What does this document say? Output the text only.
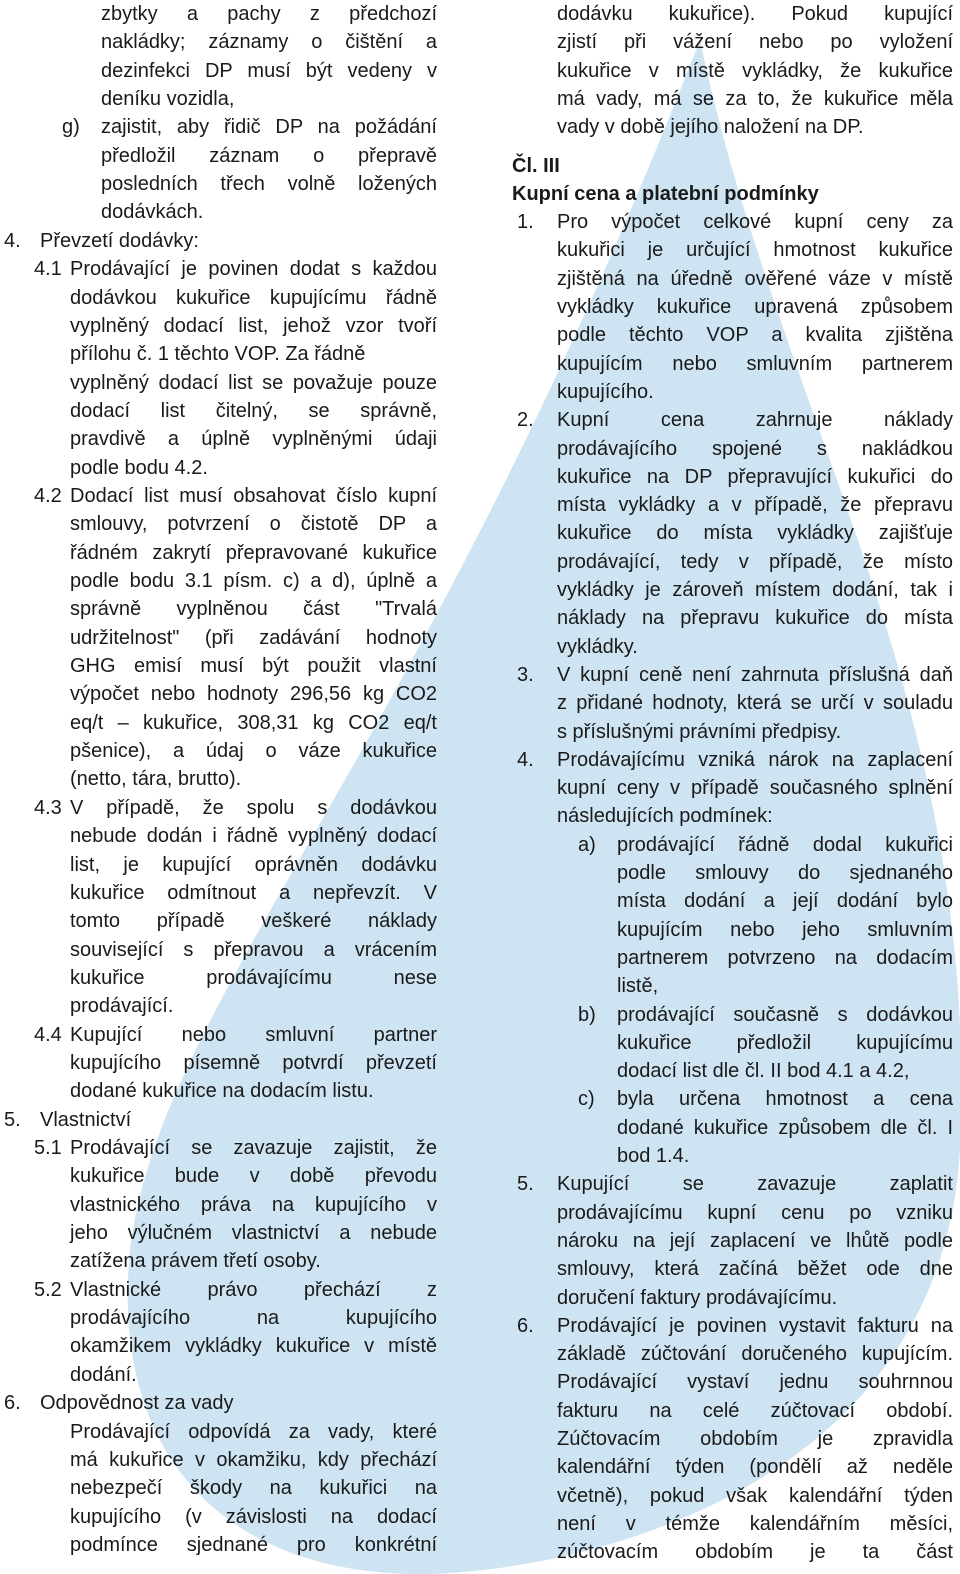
zbytky a pachy z předchozí
nakládky; záznamy o čištění a
dezinfekci DP musí být vedeny v
deníku vozidla,
g) zajistit, aby řidič DP na požádání
předložil záznam o přepravě
posledních třech volně ložených
dodávkách.
4. Převzetí dodávky:
4.1 Prodávající je povinen dodat s každou
dodávkou kukuřice kupujícímu řádně
vyplněný dodací list, jehož vzor tvoří
přílohu č. 1 těchto VOP. Za řádně
vyplněný dodací list se považuje pouze
dodací list čitelný, se správně,
pravdivě a úplně vyplněnými údaji
podle bodu 4.2.
4.2 Dodací list musí obsahovat číslo kupní
smlouvy, potvrzení o čistotě DP a
řádném zakrytí přepravované kukuřice
podle bodu 3.1 písm. c) a d), úplně a
správně vyplněnou část "Trvalá
udržitelnost" (při zadávání hodnoty
GHG emisí musí být použit vlastní
výpočet nebo hodnoty 296,56 kg CO2
eq/t – kukuřice, 308,31 kg CO2 eq/t
pšenice), a údaj o váze kukuřice
(netto, tára, brutto).
4.3 V případě, že spolu s dodávkou
nebude dodán i řádně vyplněný dodací
list, je kupující oprávněn dodávku
kukuřice odmítnout a nepřevzít. V
tomto případě veškeré náklady
související s přepravou a vrácením
kukuřice prodávajícímu nese
prodávající.
4.4 Kupující nebo smluvní partner
kupujícího písemně potvrdí převzetí
dodané kukuřice na dodacím listu.
5. Vlastnictví
5.1 Prodávající se zavazuje zajistit, že
kukuřice bude v době převodu
vlastnického práva na kupujícího v
jeho výlučném vlastnictví a nebude
zatížena právem třetí osoby.
5.2 Vlastnické právo přechází z
prodávajícího na kupujícího
okamžikem vykládky kukuřice v místě
dodání.
6. Odpovědnost za vady
Prodávající odpovídá za vady, které
má kukuřice v okamžiku, kdy přechází
nebezpečí škody na kukuřici na
kupujícího (v závislosti na dodací
podmínce sjednané pro konkrétní
dodávku kukuřice). Pokud kupující
zjistí při vážení nebo po vyložení
kukuřice v místě vykládky, že kukuřice
má vady, má se za to, že kukuřice měla
vady v době jejího naložení na DP.
Čl. III
Kupní cena a platební podmínky
1. Pro výpočet celkové kupní ceny za
kukuřici je určující hmotnost kukuřice
zjištěná na úředně ověřené váze v místě
vykládky kukuřice upravená způsobem
podle těchto VOP a kvalita zjištěna
kupujícím nebo smluvním partnerem
kupujícího.
2. Kupní cena zahrnuje náklady
prodávajícího spojené s nakládkou
kukuřice na DP přepravující kukuřici do
místa vykládky a v případě, že přepravu
kukuřice do místa vykládky zajišťuje
prodávající, tedy v případě, že místo
vykládky je zároveň místem dodání, tak i
náklady na přepravu kukuřice do místa
vykládky.
3. V kupní ceně není zahrnuta příslušná daň
z přidané hodnoty, která se určí v souladu
s příslušnými právními předpisy.
4. Prodávajícímu vzniká nárok na zaplacení
kupní ceny v případě současného splnění
následujících podmínek:
a) prodávající řádně dodal kukuřici
podle smlouvy do sjednaného
místa dodání a její dodání bylo
kupujícím nebo jeho smluvním
partnerem potvrzeno na dodacím
listě,
b) prodávající současně s dodávkou
kukuřice předložil kupujícímu
dodací list dle čl. II bod 4.1 a 4.2,
c) byla určena hmotnost a cena
dodané kukuřice způsobem dle čl. I
bod 1.4.
5. Kupující se zavazuje zaplatit
prodávajícímu kupní cenu po vzniku
nároku na její zaplacení ve lhůtě podle
smlouvy, která začíná běžet ode dne
doručení faktury prodávajícímu.
6. Prodávající je povinen vystavit fakturu na
základě zúčtování doručeného kupujícím.
Prodávající vystaví jednu souhrnnou
fakturu na celé zúčtovací období.
Zúčtovacím obdobím je zpravidla
kalendářní týden (pondělí až neděle
včetně), pokud však kalendářní týden
není v témže kalendářním měsíci,
zúčtovacím obdobím je ta část
